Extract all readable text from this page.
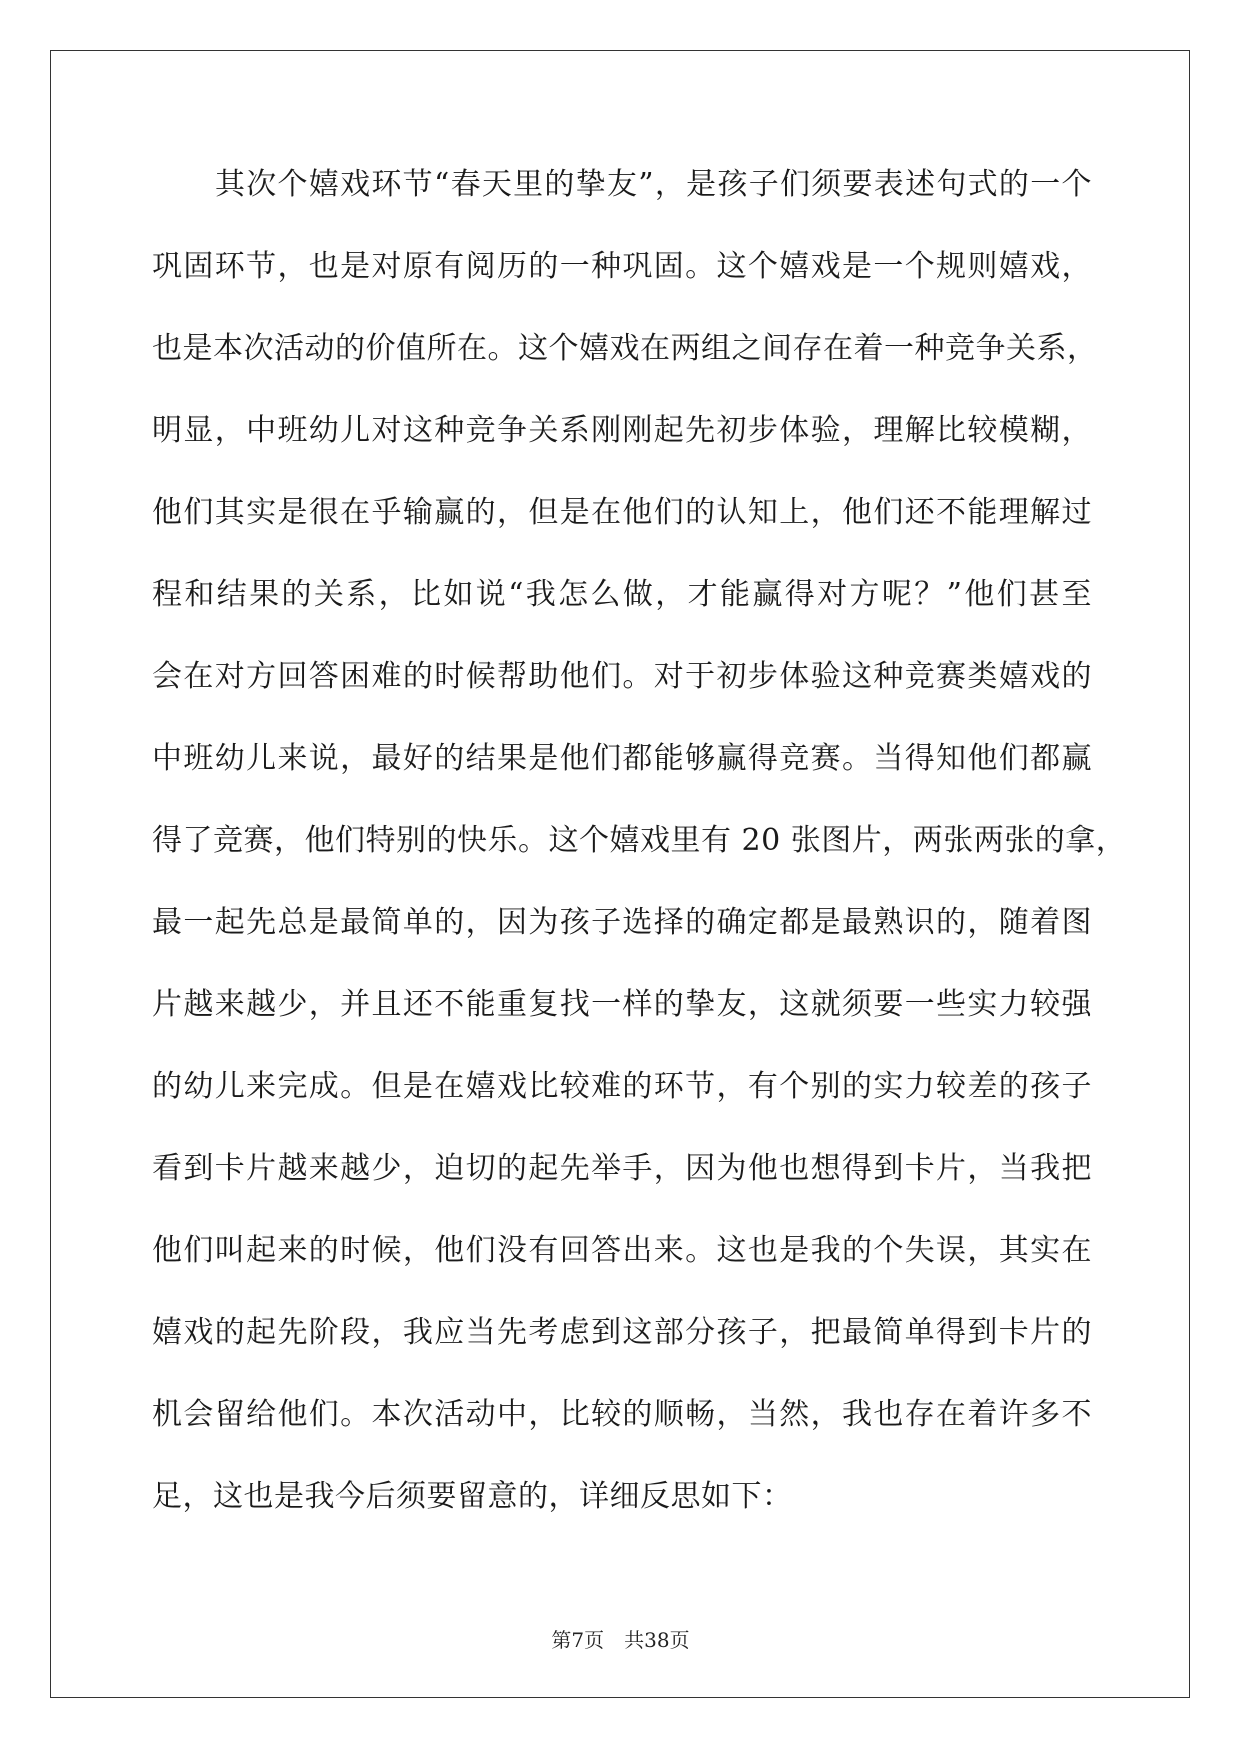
其次个嬉戏环节“春天里的挚友”，是孩子们须要表述句式的一个
巩固环节，也是对原有阅历的一种巩固。这个嬉戏是一个规则嬉戏，
也是本次活动的价值所在。这个嬉戏在两组之间存在着一种竞争关系，
明显，中班幼儿对这种竞争关系刚刚起先初步体验，理解比较模糊，
他们其实是很在乎输赢的，但是在他们的认知上，他们还不能理解过
程和结果的关系，比如说“我怎么做，才能赢得对方呢？”他们甚至
会在对方回答困难的时候帮助他们。对于初步体验这种竞赛类嬉戏的
中班幼儿来说，最好的结果是他们都能够赢得竞赛。当得知他们都赢
得了竞赛，他们特别的快乐。这个嬉戏里有 20 张图片，两张两张的拿，
最一起先总是最简单的，因为孩子选择的确定都是最熟识的，随着图
片越来越少，并且还不能重复找一样的挚友，这就须要一些实力较强
的幼儿来完成。但是在嬉戏比较难的环节，有个别的实力较差的孩子
看到卡片越来越少，迫切的起先举手，因为他也想得到卡片，当我把
他们叫起来的时候，他们没有回答出来。这也是我的个失误，其实在
嬉戏的起先阶段，我应当先考虑到这部分孩子，把最简单得到卡片的
机会留给他们。本次活动中，比较的顺畅，当然，我也存在着许多不
足，这也是我今后须要留意的，详细反思如下：
第7页　共38页
